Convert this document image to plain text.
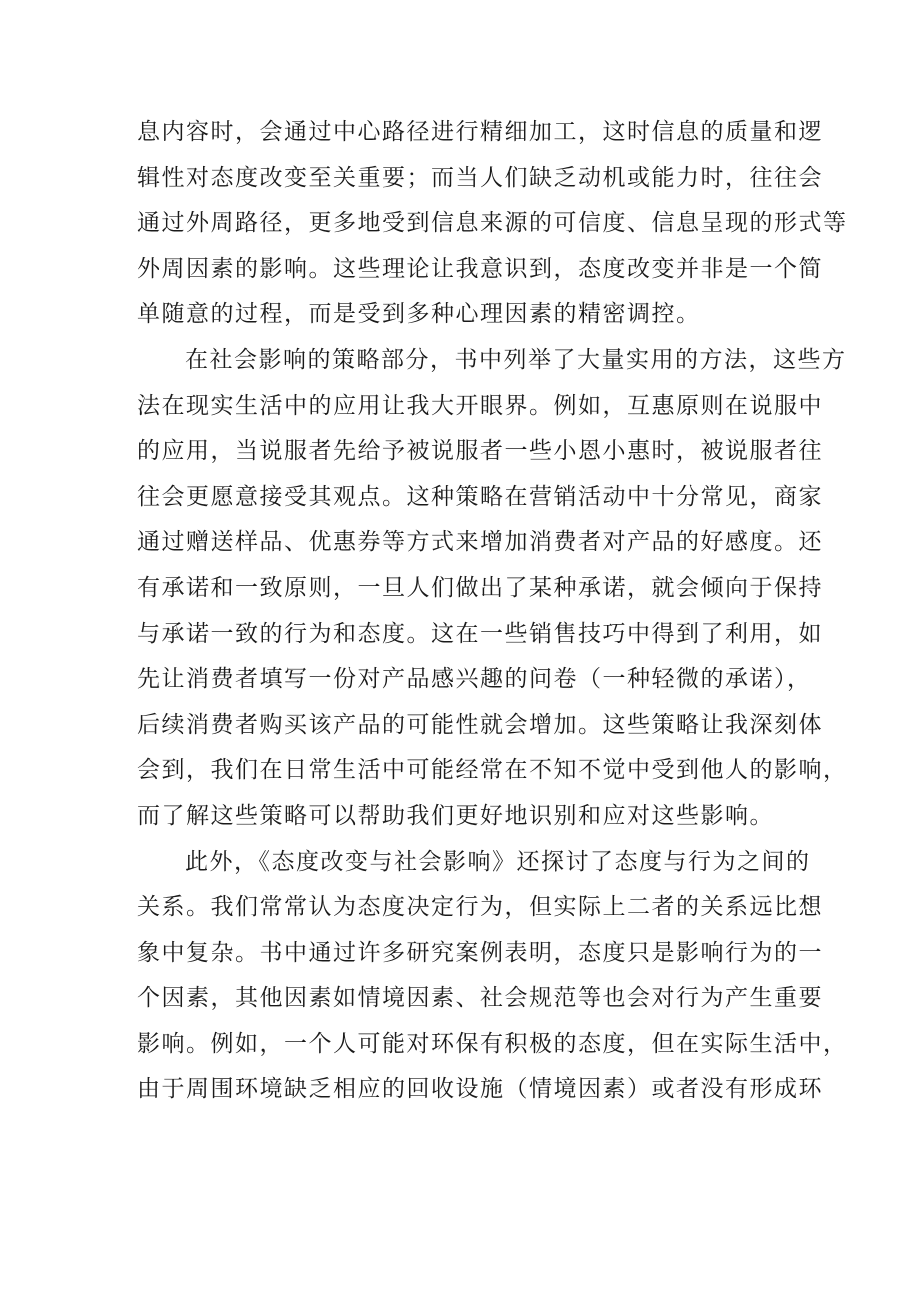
息内容时，会通过中心路径进行精细加工，这时信息的质量和逻
辑性对态度改变至关重要；而当人们缺乏动机或能力时，往往会
通过外周路径，更多地受到信息来源的可信度、信息呈现的形式等
外周因素的影响。这些理论让我意识到，态度改变并非是一个简
单随意的过程，而是受到多种心理因素的精密调控。
在社会影响的策略部分，书中列举了大量实用的方法，这些方
法在现实生活中的应用让我大开眼界。例如，互惠原则在说服中
的应用，当说服者先给予被说服者一些小恩小惠时，被说服者往
往会更愿意接受其观点。这种策略在营销活动中十分常见，商家
通过赠送样品、优惠券等方式来增加消费者对产品的好感度。还
有承诺和一致原则，一旦人们做出了某种承诺，就会倾向于保持
与承诺一致的行为和态度。这在一些销售技巧中得到了利用，如
先让消费者填写一份对产品感兴趣的问卷（一种轻微的承诺），
后续消费者购买该产品的可能性就会增加。这些策略让我深刻体
会到，我们在日常生活中可能经常在不知不觉中受到他人的影响，
而了解这些策略可以帮助我们更好地识别和应对这些影响。
此外，《态度改变与社会影响》还探讨了态度与行为之间的
关系。我们常常认为态度决定行为，但实际上二者的关系远比想
象中复杂。书中通过许多研究案例表明，态度只是影响行为的一
个因素，其他因素如情境因素、社会规范等也会对行为产生重要
影响。例如，一个人可能对环保有积极的态度，但在实际生活中，
由于周围环境缺乏相应的回收设施（情境因素）或者没有形成环
